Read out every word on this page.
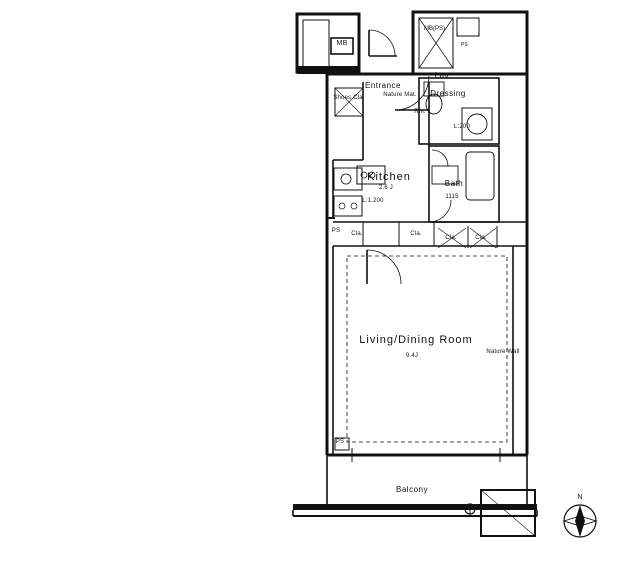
MB(PS)
PS
MB
Entrance
Lav.
Dressing
Shoes Cla.	Nature Mat.
Rm.
L:200
Kitchen
2.6 J
L:1.200
Bath
1115
PS Cla.	Cla.
Cla.	Cla.
Living/Dining Room
9.4J
Nature Wall
PS
Balcony
N
